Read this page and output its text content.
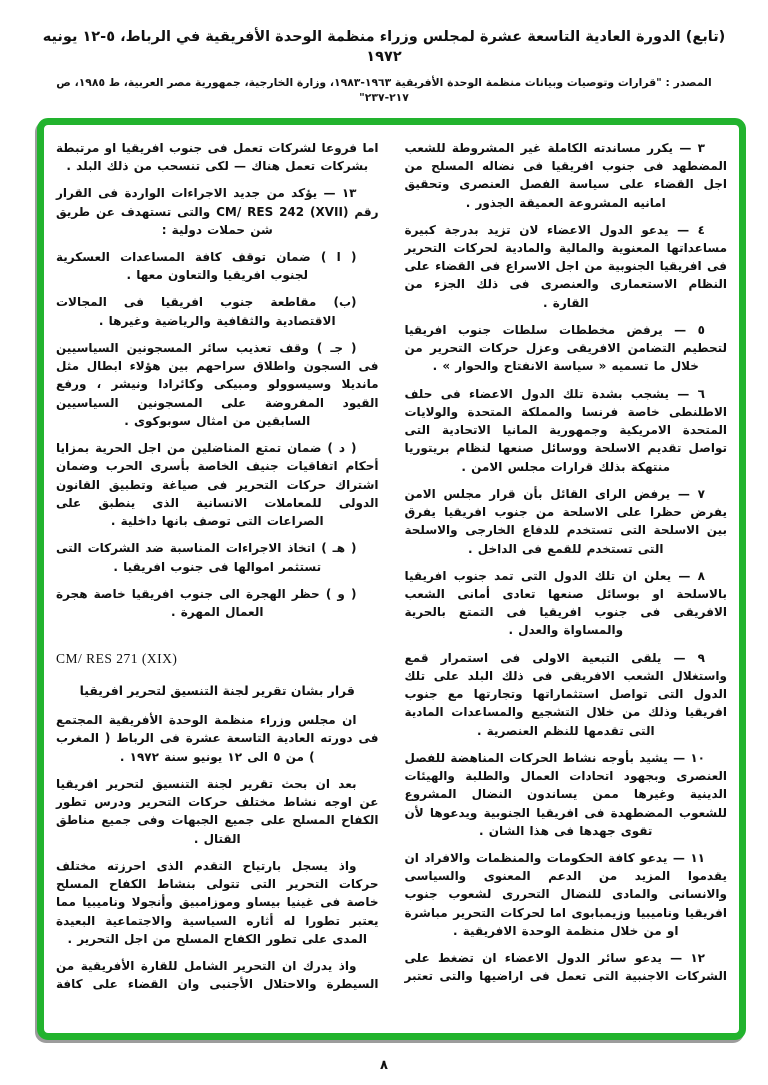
(تابع) الدورة العادية التاسعة عشرة لمجلس وزراء منظمة الوحدة الأفريقية في الرباط، ٥-١٢ يونيه ١٩٧٢
المصدر : "قرارات وتوصيات وبيانات منظمة الوحدة الأفريقية ١٩٦٣-١٩٨٣، وزارة الخارجية، جمهورية مصر العربية، ط ١٩٨٥، ص ٢١٧-٢٣٧"

٣ — يكرر مساندته الكاملة غير المشروطة للشعب المضطهد فى جنوب افريقيا فى نضاله المسلح من اجل القضاء على سياسة الفصل العنصرى وتحقيق امانيه المشروعة العميقة الجذور .

٤ — يدعو الدول الاعضاء لان تزيد بدرجة كبيرة مساعداتها المعنوية والمالية والمادية لحركات التحرير فى افريقيا الجنوبية من اجل الاسراع فى القضاء على النظام الاستعمارى والعنصرى فى ذلك الجزء من القارة .

٥ — يرفض مخططات سلطات جنوب افريقيا لتحطيم التضامن الافريقى وعزل حركات التحرير من خلال ما تسميه « سياسة الانفتاح والحوار » .

٦ — يشجب بشدة تلك الدول الاعضاء فى حلف الاطلنطى خاصة فرنسا والمملكة المتحدة والولايات المتحدة الامريكية وجمهورية المانيا الاتحادية التى تواصل تقديم الاسلحة ووسائل صنعها لنظام بريتوريا منتهكة بذلك قرارات مجلس الامن .

٧ — يرفض الراى القائل بأن قرار مجلس الامن يفرض حظرا على الاسلحة من جنوب افريقيا يفرق بين الاسلحة التى تستخدم للدفاع الخارجى والاسلحة التى تستخدم للقمع فى الداخل .

٨ — يعلن ان تلك الدول التى تمد جنوب افريقيا بالاسلحة او بوسائل صنعها تعادى أمانى الشعب الافريقى فى جنوب افريقيا فى التمتع بالحرية والمساواة والعدل .

٩ — يلقى التبعية الاولى فى استمرار قمع واستغلال الشعب الافريقى فى ذلك البلد على تلك الدول التى تواصل استثماراتها وتجارتها مع جنوب افريقيا وذلك من خلال التشجيع والمساعدات المادية التى تقدمها للنظم العنصرية .

١٠ — يشيد بأوجه نشاط الحركات المناهضة للفصل العنصرى وبجهود اتحادات العمال والطلبة والهيئات الدينية وغيرها ممن يساندون النضال المشروع للشعوب المضطهدة فى افريقيا الجنوبية ويدعوها لأن تقوى جهدها فى هذا الشان .

١١ — يدعو كافة الحكومات والمنظمات والافراد ان يقدموا المزيد من الدعم المعنوى والسياسى والانسانى والمادى للنضال التحررى لشعوب جنوب افريقيا وناميبيا وزيمبابوى اما لحركات التحرير مباشرة او من خلال منظمة الوحدة الافريقية .

١٢ — يدعو سائر الدول الاعضاء ان تضغط على الشركات الاجنبية التى تعمل فى اراضيها والتى تعتبر

اما فروعا لشركات تعمل فى جنوب افريقيا او مرتبطة بشركات تعمل هناك — لكى تنسحب من ذلك البلد .

١٣ — يؤكد من جديد الاجراءات الواردة فى القرار رقم CM/ RES 242 (XVII) والتى تستهدف عن طريق شن حملات دولية :

( ا ) ضمان توقف كافة المساعدات العسكرية لجنوب افريقيا والتعاون معها .

(ب) مقاطعة جنوب افريقيا فى المجالات الاقتصادية والثقافية والرياضية وغيرها .

( جـ ) وقف تعذيب سائر المسجونين السياسيين فى السجون واطلاق سراحهم بين هؤلاء ابطال مثل مانديلا وسيسوولو ومبيكى وكائرادا ونيشر ، ورفع القيود المفروضة على المسجونين السياسيين السابقين من امثال سوبوكوى .

( د ) ضمان تمتع المناضلين من اجل الحرية بمزايا أحكام اتفاقيات جنيف الخاصة بأسرى الحرب وضمان اشتراك حركات التحرير فى صياغة وتطبيق القانون الدولى للمعاملات الانسانية الذى ينطبق على الصراعات التى توصف بانها داخلية .

( هـ ) اتخاذ الاجراءات المناسبة ضد الشركات التى تستثمر اموالها فى جنوب افريقيا .

( و ) حظر الهجرة الى جنوب افريقيا خاصة هجرة العمال المهرة .

CM/ RES 271 (XIX)
قرار بشان تقرير لجنة التنسيق لتحرير افريقيا

ان مجلس وزراء منظمة الوحدة الأفريقية المجتمع فى دورته العادية التاسعة عشرة فى الرباط ( المغرب ) من ٥ الى ١٢ يونيو سنة ١٩٧٢ .

بعد ان بحث تقرير لجنة التنسيق لتحرير افريقيا عن اوجه نشاط مختلف حركات التحرير ودرس تطور الكفاح المسلح على جميع الجبهات وفى جميع مناطق القتال .

واذ يسجل بارتياح التقدم الذى احرزته مختلف حركات التحرير التى تتولى بنشاط الكفاح المسلح خاصة فى غينيا بيساو وموزامبيق وأنجولا وناميبيا مما يعتبر تطورا له أثاره السياسية والاجتماعية البعيدة المدى على تطور الكفاح المسلح من اجل التحرير .

واذ يدرك ان التحرير الشامل للقارة الأفريقية من السيطرة والاحتلال الأجنبى وان القضاء على كافة

٨
